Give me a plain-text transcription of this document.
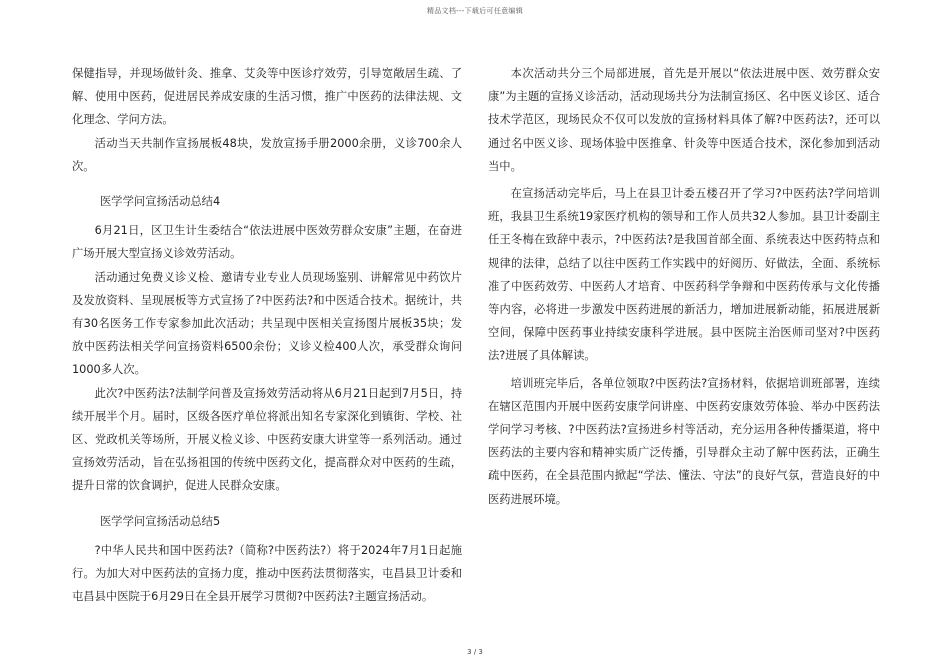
精品文档---下载后可任意编辑

保健指导，并现场做针灸、推拿、艾灸等中医诊疗效劳，引导宽敞居生疏、了解、使用中医药，促进居民养成安康的生活习惯，推广中医药的法律法规、文化理念、学问方法。

活动当天共制作宣扬展板48块，发放宣扬手册2000余册，义诊700余人次。

医学学问宣扬活动总结4

6月21日，区卫生计生委结合“依法进展中医效劳群众安康”主题，在奋进广场开展大型宣扬义诊效劳活动。

活动通过免费义诊义检、邀请专业专业人员现场鉴别、讲解常见中药饮片及发放资料、呈现展板等方式宣扬了?中医药法?和中医适合技术。据统计，共有30名医务工作专家参加此次活动；共呈现中医相关宣扬图片展板35块；发放中医药法相关学问宣扬资料6500余份；义诊义检400人次，承受群众询问1000多人次。

此次?中医药法?法制学问普及宣扬效劳活动将从6月21日起到7月5日，持续开展半个月。届时，区级各医疗单位将派出知名专家深化到镇街、学校、社区、党政机关等场所，开展义检义诊、中医药安康大讲堂等一系列活动。通过宣扬效劳活动，旨在弘扬祖国的传统中医药文化，提高群众对中医药的生疏，提升日常的饮食调护，促进人民群众安康。

医学学问宣扬活动总结5

?中华人民共和国中医药法?（简称?中医药法?）将于2024年7月1日起施行。为加大对中医药法的宣扬力度，推动中医药法贯彻落实，屯昌县卫计委和屯昌县中医院于6月29日在全县开展学习贯彻?中医药法?主题宣扬活动。

本次活动共分三个局部进展，首先是开展以“依法进展中医、效劳群众安康”为主题的宣扬义诊活动，活动现场共分为法制宣扬区、名中医义诊区、适合技术学范区，现场民众不仅可以发放的宣扬材料具体了解?中医药法?，还可以通过名中医义诊、现场体验中医推拿、针灸等中医适合技术，深化参加到活动当中。

在宣扬活动完毕后，马上在县卫计委五楼召开了学习?中医药法?学问培训班，我县卫生系统19家医疗机构的领导和工作人员共32人参加。县卫计委副主任王冬梅在致辞中表示，?中医药法?是我国首部全面、系统表达中医药特点和规律的法律，总结了以往中医药工作实践中的好阅历、好做法，全面、系统标准了中医药效劳、中医药人才培育、中医药科学争辩和中医药传承与文化传播等内容，必将进一步激发中医药进展的新活力，增加进展新动能，拓展进展新空间，保障中医药事业持续安康科学进展。县中医院主治医师司坚对?中医药法?进展了具体解读。

培训班完毕后，各单位领取?中医药法?宣扬材料，依据培训班部署，连续在辖区范围内开展中医药安康学问讲座、中医药安康效劳体验、举办中医药法学问学习考核、?中医药法?宣扬进乡村等活动，充分运用各种传播渠道，将中医药法的主要内容和精神实质广泛传播，引导群众主动了解中医药法，正确生疏中医药，在全县范围内掀起“学法、懂法、守法”的良好气氛，营造良好的中医药进展环境。

3 / 3
